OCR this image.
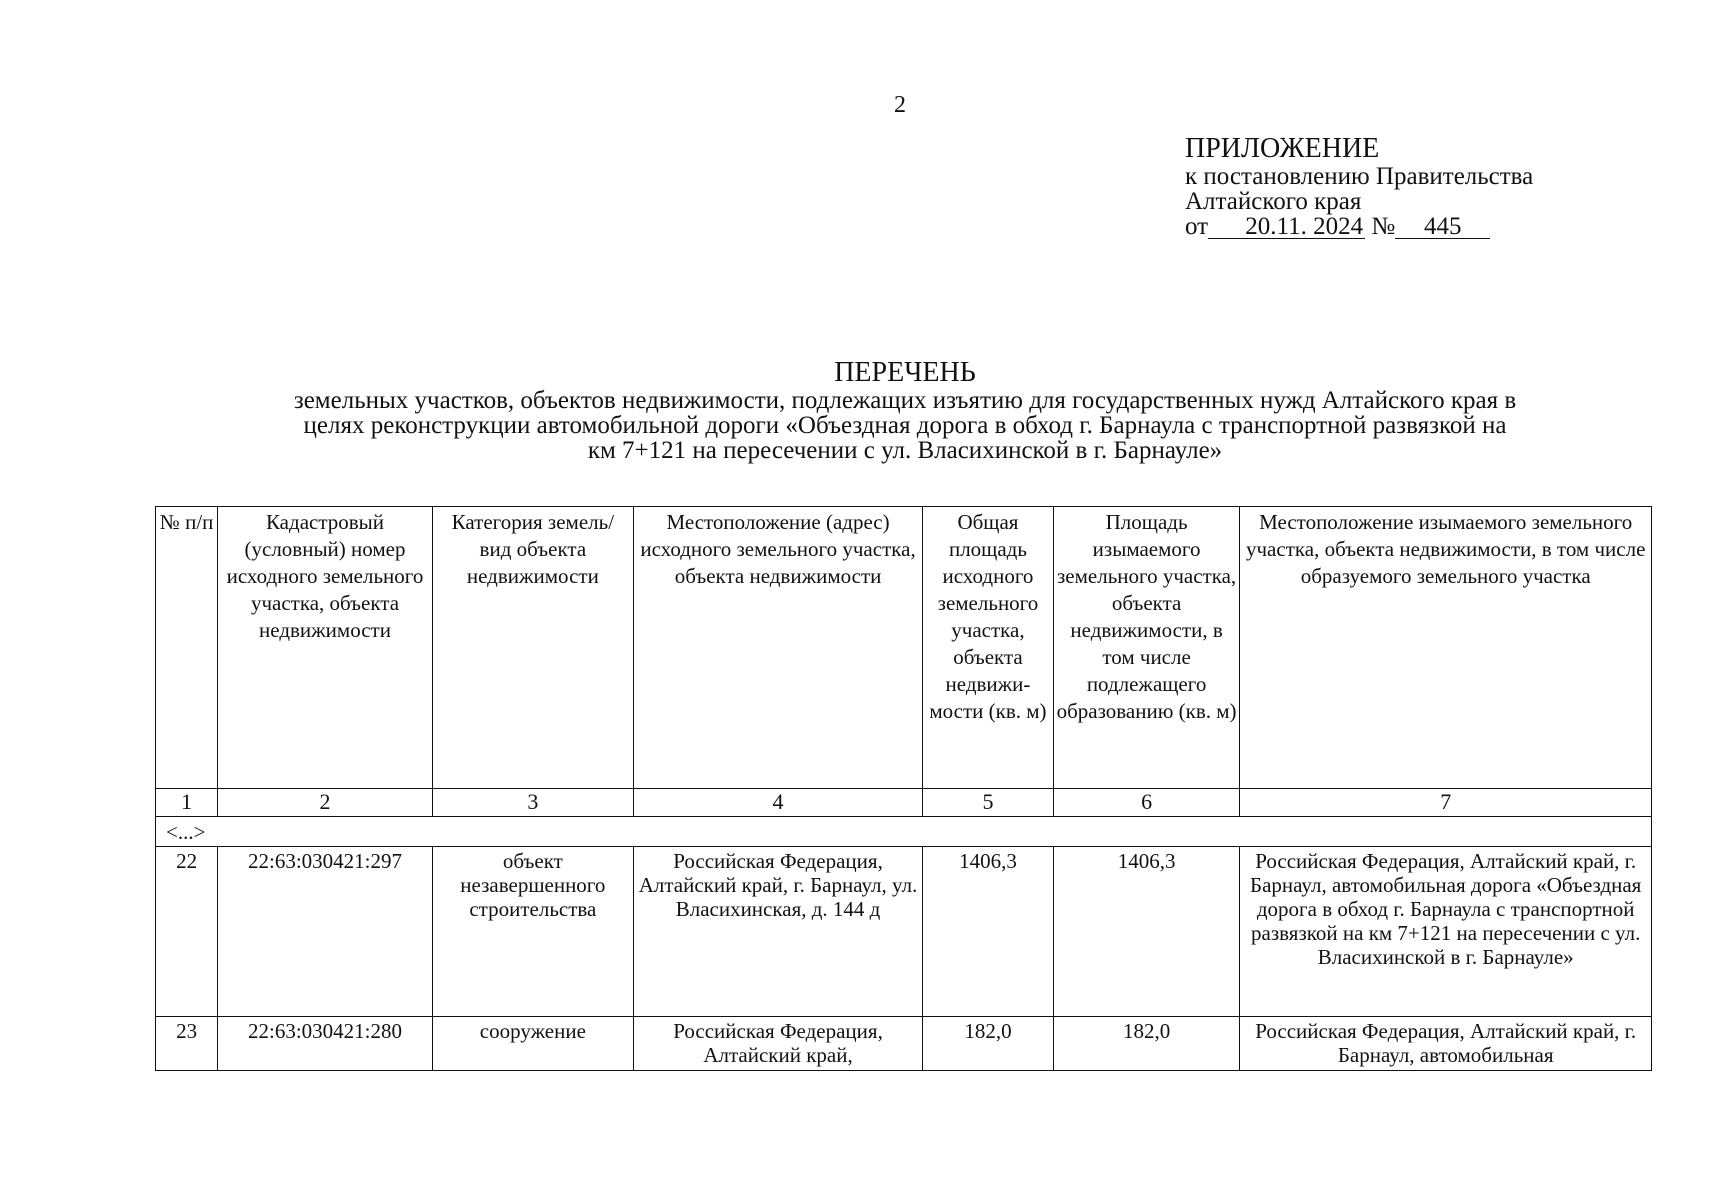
2
ПРИЛОЖЕНИЕ
к постановлению Правительства
Алтайского края
от 20.11. 2024 № 445
ПЕРЕЧЕНЬ
земельных участков, объектов недвижимости, подлежащих изъятию для государственных нужд Алтайского края в
целях реконструкции автомобильной дороги «Объездная дорога в обход г. Барнаула с транспортной развязкой на
км 7+121 на пересечении с ул. Власихинской в г. Барнауле»
№ п/п	Кадастровый (условный) номер исходного земельного участка, объекта недвижимости	Категория земель/ вид объекта недвижимости	Местоположение (адрес) исходного земельного участка, объекта недвижимости	Общая площадь исходного земельного участка, объекта недвижи-мости (кв. м)	Площадь изымаемого земельного участка, объекта недвижимости, в том числе подлежащего образованию (кв. м)	Местоположение изымаемого земельного участка, объекта недвижимости, в том числе образуемого земельного участка
1	2	3	4	5	6	7
<...>						
22	22:63:030421:297	объект незавершенного строительства	Российская Федерация, Алтайский край, г. Барнаул, ул. Власихинская, д. 144 д	1406,3	1406,3	Российская Федерация, Алтайский край, г. Барнаул, автомобильная дорога «Объездная дорога в обход г. Барнаула с транспортной развязкой на км 7+121 на пересечении с ул. Власихинской в г. Барнауле»
23	22:63:030421:280	сооружение	Российская Федерация, Алтайский край,	182,0	182,0	Российская Федерация, Алтайский край, г. Барнаул, автомобильная
